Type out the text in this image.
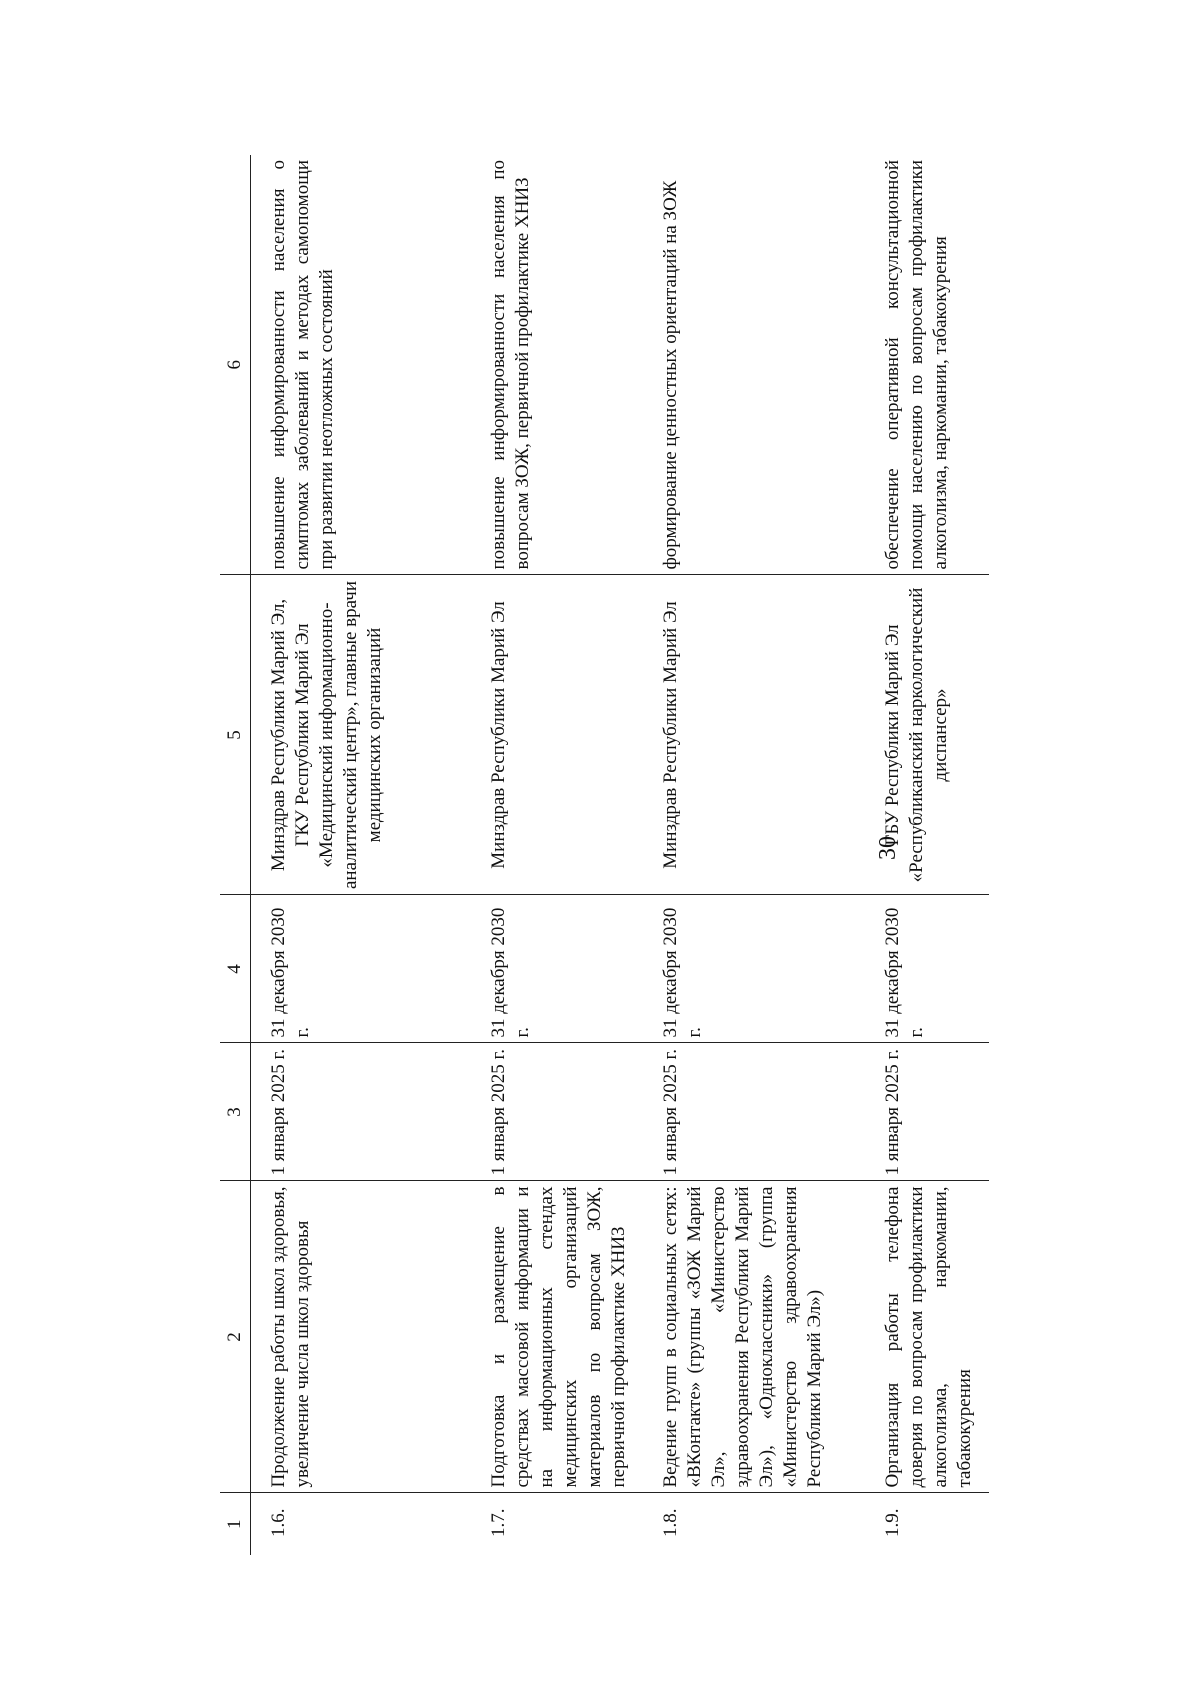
30
1	2	3	4	5	6
1.6.	Продолжение работы школ здоровья, увеличение числа школ здоровья	1 января 2025 г.	31 декабря 2030 г.	Минздрав Республики Марий Эл, ГКУ Республики Марий Эл «Медицинский информационно-аналитический центр», главные врачи медицинских организаций	повышение информированности населения о симптомах заболеваний и методах самопомощи при развитии неотложных состояний
1.7.	Подготовка и размещение в средствах массовой информации и на информационных стендах медицинских организаций материалов по вопросам ЗОЖ, первичной профилактике ХНИЗ	1 января 2025 г.	31 декабря 2030 г.	Минздрав Республики Марий Эл	повышение информированности населения по вопросам ЗОЖ, первичной профилактике ХНИЗ
1.8.	Ведение групп в социальных сетях: «ВКонтакте» (группы «ЗОЖ Марий Эл», «Министерство здравоохранения Республики Марий Эл»), «Одноклассники» (группа «Министерство здравоохранения Республики Марий Эл»)	1 января 2025 г.	31 декабря 2030 г.	Минздрав Республики Марий Эл	формирование ценностных ориентаций на ЗОЖ
1.9.	Организация работы телефона доверия по вопросам профилактики алкоголизма, наркомании, табакокурения	1 января 2025 г.	31 декабря 2030 г.	ГБУ Республики Марий Эл «Республиканский наркологический диспансер»	обеспечение оперативной консультационной помощи населению по вопросам профилактики алкоголизма, наркомании, табакокурения
